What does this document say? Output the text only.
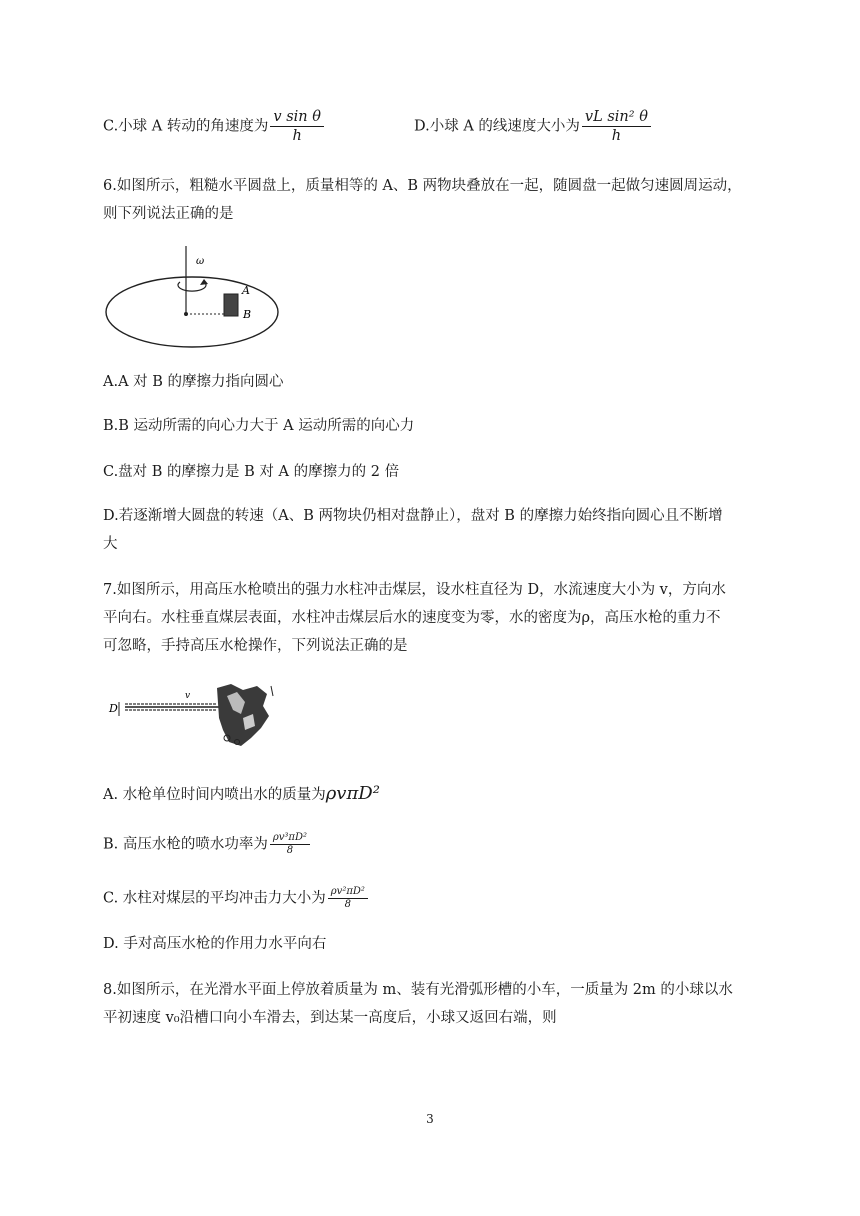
C.小球 A 转动的角速度为 $\frac{\text{v sin θ}}{h}$	D.小球 A 的线速度大小为 $\frac{\text{vL sin² θ}}{h}$
6.如图所示，粗糙水平圆盘上，质量相等的 A、B 两物块叠放在一起，随圆盘一起做匀速圆周运动，
则下列说法正确的是
ω
A
B
A.A 对 B 的摩擦力指向圆心
B.B 运动所需的向心力大于 A 运动所需的向心力
C.盘对 B 的摩擦力是 B 对 A 的摩擦力的 2 倍
D.若逐渐增大圆盘的转速（A、B 两物块仍相对盘静止），盘对 B 的摩擦力始终指向圆心且不断增
大
7.如图所示，用高压水枪喷出的强力水柱冲击煤层，设水柱直径为 D，水流速度大小为 v，方向水
平向右。水柱垂直煤层表面，水柱冲击煤层后水的速度变为零，水的密度为ρ，高压水枪的重力不
可忽略，手持高压水枪操作，下列说法正确的是
D
v
A. 水枪单位时间内喷出水的质量为ρvπD²
B. 高压水枪的喷水功率为 $\frac{\text{ρv³πD²}}{8}$
C. 水柱对煤层的平均冲击力大小为 $\frac{\text{ρv²πD²}}{8}$
D. 手对高压水枪的作用力水平向右
8.如图所示，在光滑水平面上停放着质量为 m、装有光滑弧形槽的小车，一质量为 2m 的小球以水
平初速度 v₀沿槽口向小车滑去，到达某一高度后，小球又返回右端，则
3
